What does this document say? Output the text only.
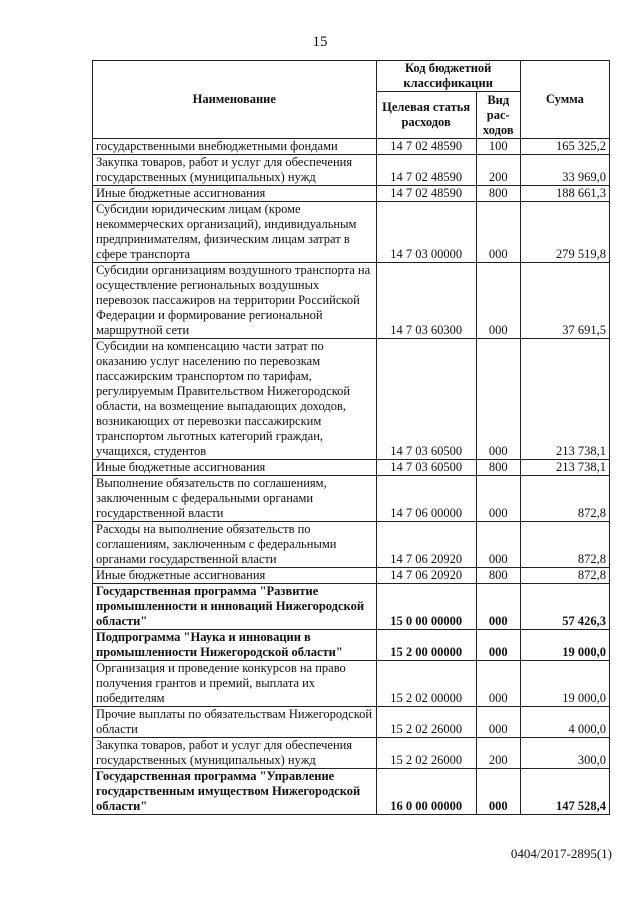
15
Наименование	Код бюджетной классификации		Сумма
	Целевая статья расходов	Вид рас-ходов	
государственными внебюджетными фондами	14 7 02 48590	100	165 325,2
Закупка товаров, работ и услуг для обеспечения государственных (муниципальных) нужд	14 7 02 48590	200	33 969,0
Иные бюджетные ассигнования	14 7 02 48590	800	188 661,3
Субсидии юридическим лицам (кроме некоммерческих организаций), индивидуальным предпринимателям, физическим лицам затрат в сфере транспорта	14 7 03 00000	000	279 519,8
Субсидии организациям воздушного транспорта на осуществление региональных воздушных перевозок пассажиров на территории Российской Федерации и формирование региональной маршрутной сети	14 7 03 60300	000	37 691,5
Субсидии на компенсацию части затрат по оказанию услуг населению по перевозкам пассажирским транспортом по тарифам, регулируемым Правительством Нижегородской области, на возмещение выпадающих доходов, возникающих от перевозки пассажирским транспортом льготных категорий граждан, учащихся, студентов	14 7 03 60500	000	213 738,1
Иные бюджетные ассигнования	14 7 03 60500	800	213 738,1
Выполнение обязательств по соглашениям, заключенным с федеральными органами государственной власти	14 7 06 00000	000	872,8
Расходы на выполнение обязательств по соглашениям, заключенным с федеральными органами государственной власти	14 7 06 20920	000	872,8
Иные бюджетные ассигнования	14 7 06 20920	800	872,8
Государственная программа "Развитие промышленности и инноваций Нижегородской области"	15 0 00 00000	000	57 426,3
Подпрограмма "Наука и инновации в промышленности Нижегородской области"	15 2 00 00000	000	19 000,0
Организация и проведение конкурсов на право получения грантов и премий, выплата их победителям	15 2 02 00000	000	19 000,0
Прочие выплаты по обязательствам Нижегородской области	15 2 02 26000	000	4 000,0
Закупка товаров, работ и услуг для обеспечения государственных (муниципальных) нужд	15 2 02 26000	200	300,0
Государственная программа "Управление государственным имуществом Нижегородской области"	16 0 00 00000	000	147 528,4
0404/2017-2895(1)
